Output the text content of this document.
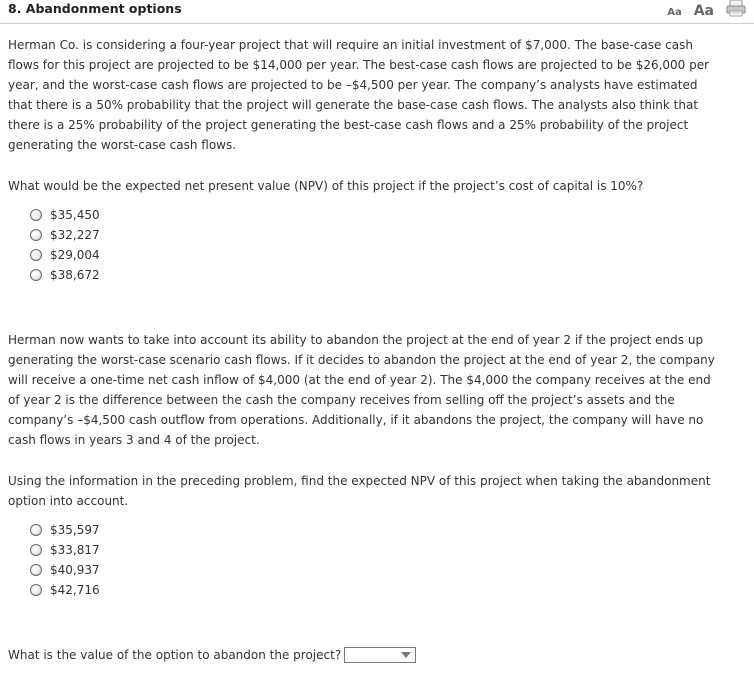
8. Abandonment options	Aa Aa

Herman Co. is considering a four-year project that will require an initial investment of $7,000. The base-case cash flows for this project are projected to be $14,000 per year. The best-case cash flows are projected to be $26,000 per year, and the worst-case cash flows are projected to be –$4,500 per year. The company’s analysts have estimated that there is a 50% probability that the project will generate the base-case cash flows. The analysts also think that there is a 25% probability of the project generating the best-case cash flows and a 25% probability of the project generating the worst-case cash flows.

What would be the expected net present value (NPV) of this project if the project’s cost of capital is 10%?

$35,450
$32,227
$29,004
$38,672

Herman now wants to take into account its ability to abandon the project at the end of year 2 if the project ends up generating the worst-case scenario cash flows. If it decides to abandon the project at the end of year 2, the company will receive a one-time net cash inflow of $4,000 (at the end of year 2). The $4,000 the company receives at the end of year 2 is the difference between the cash the company receives from selling off the project’s assets and the company’s –$4,500 cash outflow from operations. Additionally, if it abandons the project, the company will have no cash flows in years 3 and 4 of the project.

Using the information in the preceding problem, find the expected NPV of this project when taking the abandonment option into account.

$35,597
$33,817
$40,937
$42,716
What is the value of the option to abandon the project?
